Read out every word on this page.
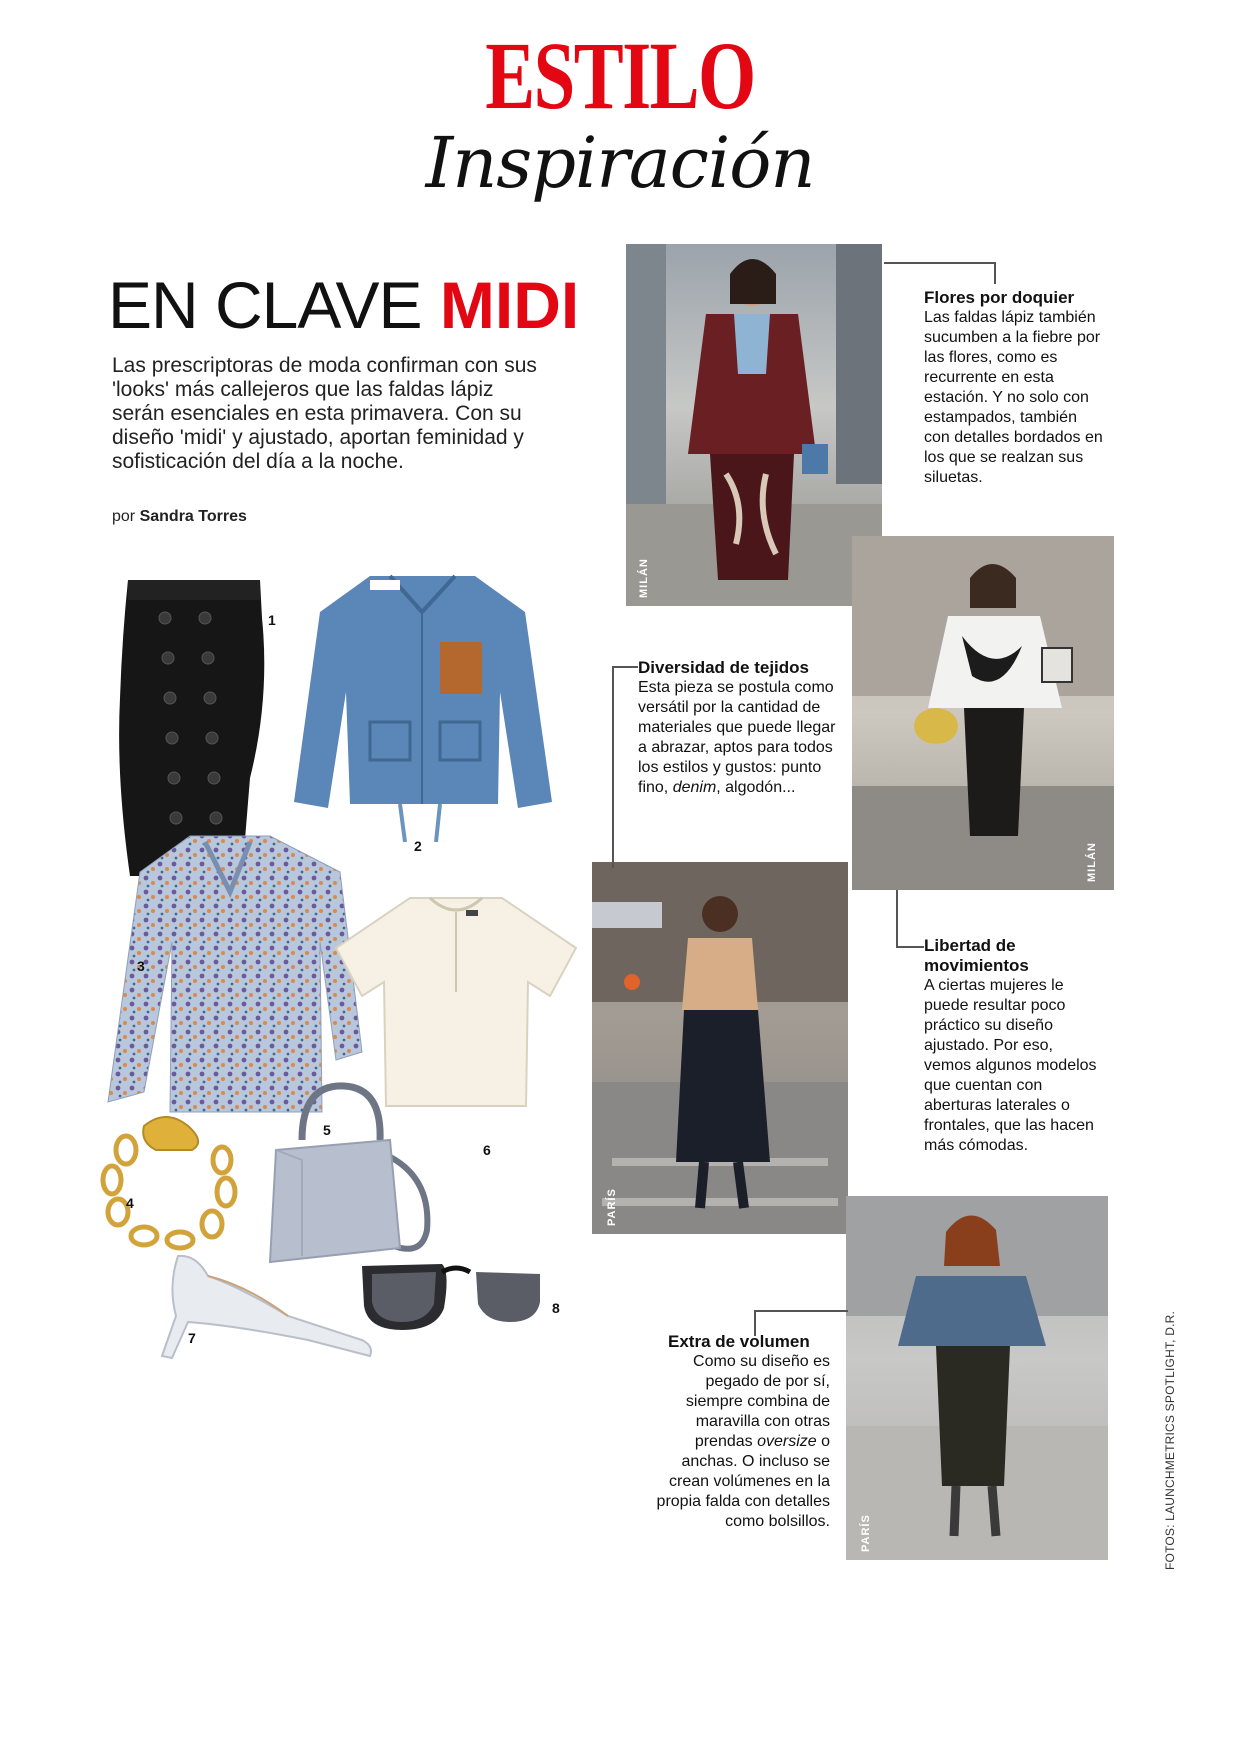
ESTILO
Inspiración
EN CLAVE MIDI
Las prescriptoras de moda confirman con sus 'looks' más callejeros que las faldas lápiz serán esenciales en esta primavera. Con su diseño 'midi' y ajustado, aportan feminidad y sofisticación del día a la noche.
por Sandra Torres
1
2
3
6
5
4
7
8
MILÁN
MILÁN
PARÍS
PARÍS
Flores por doquier
Las faldas lápiz también sucumben a la fiebre por las flores, como es recurrente en esta estación. Y no solo con estampados, también con detalles bordados en los que se realzan sus siluetas.
Diversidad de tejidos
Esta pieza se postula como versátil por la cantidad de materiales que puede llegar a abrazar, aptos para todos los estilos y gustos: punto fino, denim, algodón...
Libertad de movimientos
A ciertas mujeres le puede resultar poco práctico su diseño ajustado. Por eso, vemos algunos modelos que cuentan con aberturas laterales o frontales, que las hacen más cómodas.
Extra de volumen
Como su diseño es pegado de por sí, siempre combina de maravilla con otras prendas oversize o anchas. O incluso se crean volúmenes en la propia falda con detalles como bolsillos.	FOTOS: LAUNCHMETRICS SPOTLIGHT, D.R.
